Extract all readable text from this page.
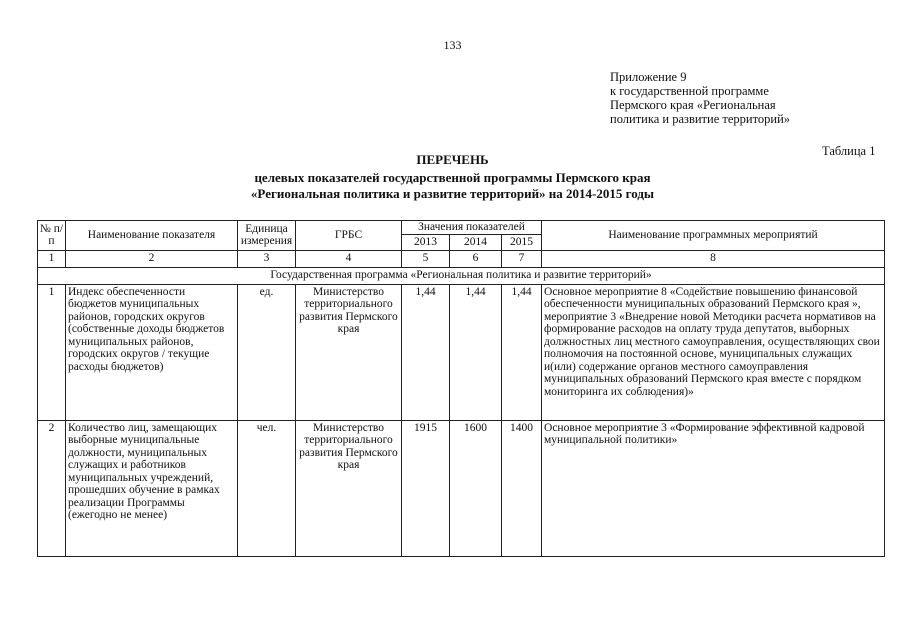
133
Приложение 9
к государственной программе
Пермского края «Региональная
политика и развитие территорий»
Таблица 1
ПЕРЕЧЕНЬ
целевых показателей государственной программы Пермского края
«Региональная политика и развитие территорий» на 2014-2015 годы
№ п/п	Наименование показателя	Единица измерения	ГРБС	Значения показателей			Наименование программных мероприятий
				2013	2014	2015	
1	2	3	4	5	6	7	8
Государственная программа «Региональная политика и развитие территорий»							
1	Индекс обеспеченности бюджетов муниципальных районов, городских округов (собственные доходы бюджетов муниципальных районов, городских округов / текущие расходы бюджетов)	ед.	Министерство территориального развития Пермского края	1,44	1,44	1,44	Основное мероприятие 8 «Содействие повышению финансовой обеспеченности муниципальных образований Пермского края », мероприятие 3 «Внедрение новой Методики расчета нормативов на формирование расходов на оплату труда депутатов, выборных должностных лиц местного самоуправления, осуществляющих свои полномочия на постоянной основе, муниципальных служащих и(или) содержание органов местного самоуправления муниципальных образований Пермского края вместе с порядком мониторинга их соблюдения)»
2	Количество лиц, замещающих выборные муниципальные должности, муниципальных служащих и работников муниципальных учреждений, прошедших обучение в рамках реализации Программы (ежегодно не менее)	чел.	Министерство территориального развития Пермского края	1915	1600	1400	Основное мероприятие 3 «Формирование эффективной кадровой муниципальной политики»
